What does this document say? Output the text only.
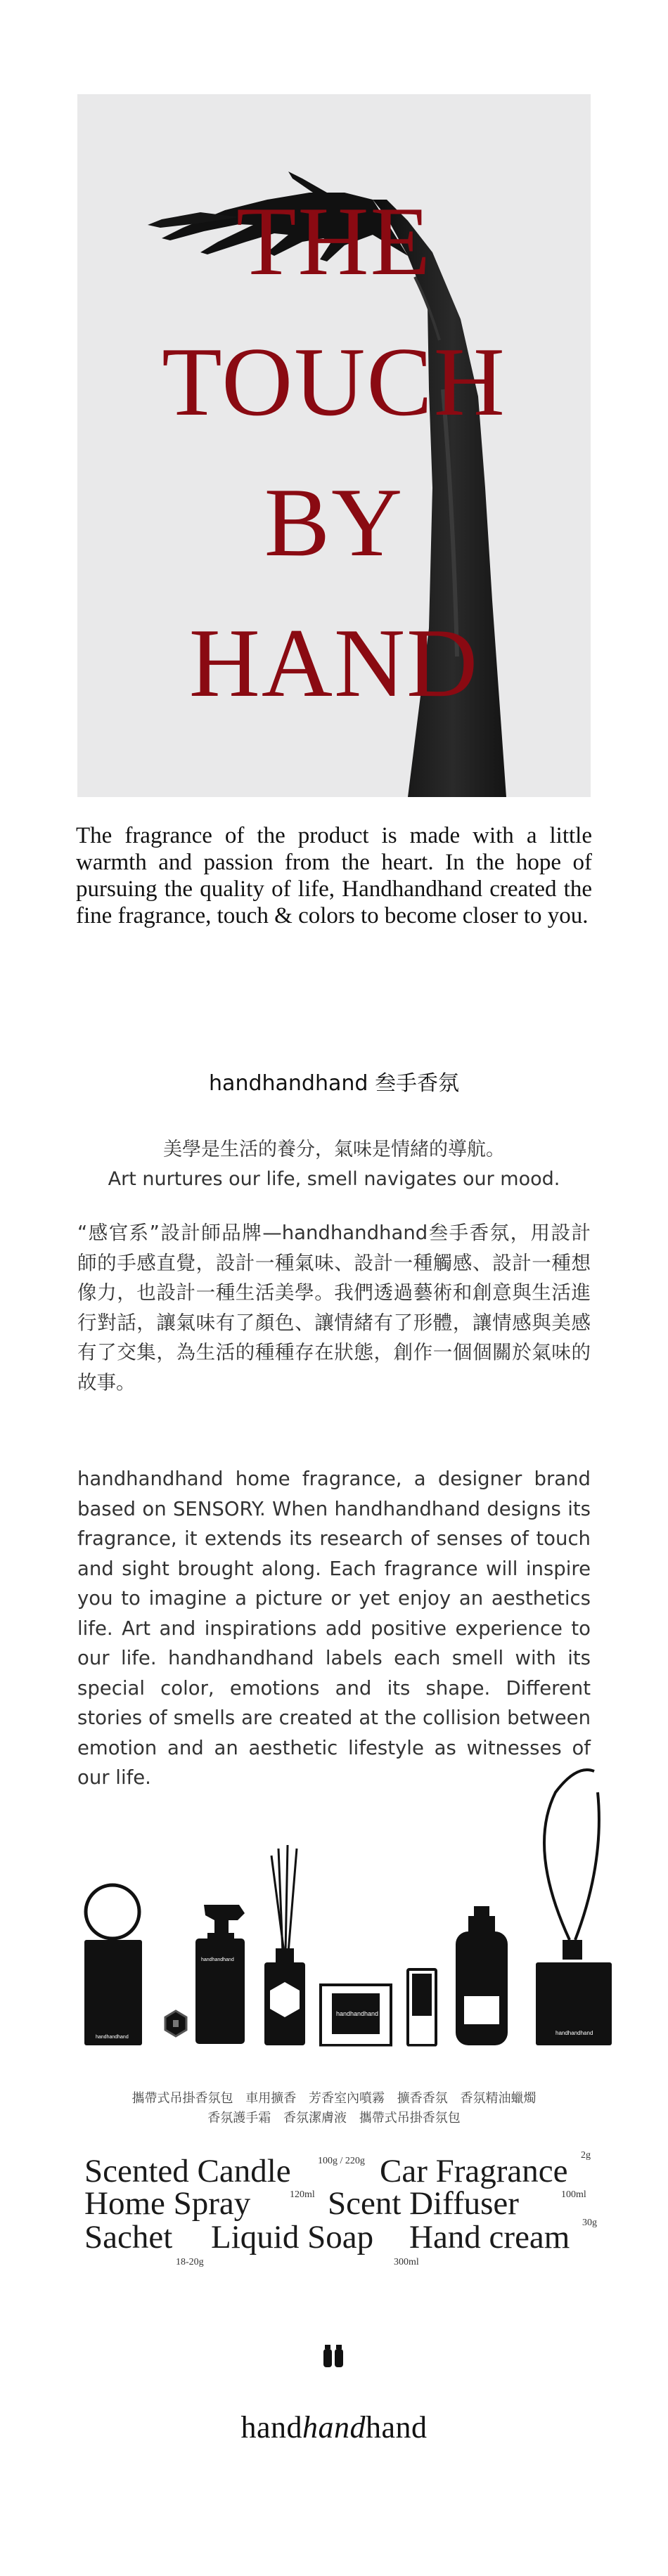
THE
TOUCH
BY
HAND

The fragrance of the product is made with a little warmth and passion from the heart. In the hope of pursuing the quality of life, Handhandhand created the fine fragrance, touch & colors to become closer to you.

handhandhand 叁手香氛
美學是生活的養分，氣味是情緒的導航。
Art nurtures our life, smell navigates our mood.

“感官系”設計師品牌—handhandhand叁手香氛，用設計師的手感直覺，設計一種氣味、設計一種觸感、設計一種想像力，也設計一種生活美學。我們透過藝術和創意與生活進行對話，讓氣味有了顏色、讓情緒有了形體，讓情感與美感有了交集，為生活的種種存在狀態，創作一個個關於氣味的故事。

handhandhand home fragrance, a designer brand based on SENSORY. When handhandhand designs its fragrance, it extends its research of senses of touch and sight brought along. Each fragrance will inspire you to imagine a picture or yet enjoy an aesthetics life. Art and inspirations add positive experience to our life. handhandhand labels each smell with its special color, emotions and its shape. Different stories of smells are created at the collision between emotion and an aesthetic lifestyle as witnesses of our life.

handhandhand
handhandhand
handhandhand
handhandhand
攜帶式吊掛香氛包 車用擴香 芳香室內噴霧 擴香香氛 香氛精油蠟燭
香氛護手霜 香氛潔膚液 攜帶式吊掛香氛包
Scented Candle	100g / 220g Car Fragrance 2g
Home Spray	120ml Scent Diffuser	100ml
Sachet
18-20g
Liquid Soap
300ml
Hand cream 30g
handhandhand
